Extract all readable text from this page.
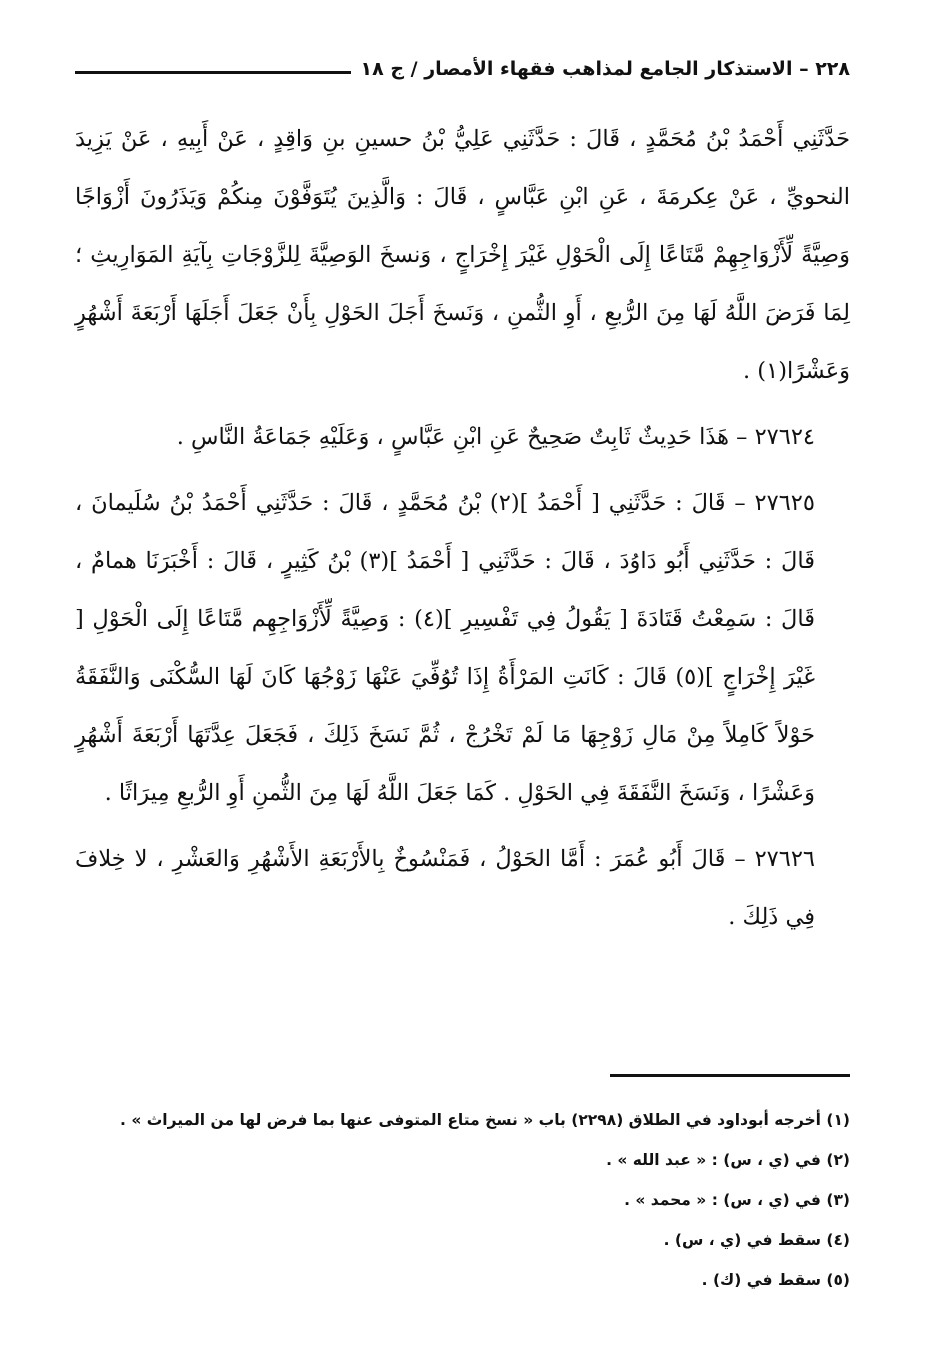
٢٢٨ – الاستذكار الجامع لمذاهب فقهاء الأمصار / ج ١٨

حَدَّثَنِي أَحْمَدُ بْنُ مُحَمَّدٍ ، قَالَ : حَدَّثَنِي عَلِيُّ بْنُ حسينِ بنِ وَاقِدٍ ، عَنْ أَبِيهِ ، عَنْ يَزِيدَ النحويِّ ، عَنْ عِكرمَةَ ، عَنِ ابْنِ عَبَّاسٍ ، قَالَ : وَالَّذِينَ يُتَوَفَّوْنَ مِنكُمْ وَيَذَرُونَ أَزْوَاجًا وَصِيَّةً لِّأَزْوَاجِهِمْ مَّتَاعًا إِلَى الْحَوْلِ غَيْرَ إِخْرَاجٍ ، وَنسخَ الوَصِيَّةَ لِلزَّوْجَاتِ بِآيَةِ المَوَارِيثِ ؛ لِمَا فَرَضَ اللَّهُ لَهَا مِنَ الرُّبعِ ، أَوِ الثُّمنِ ، وَنَسخَ أَجَلَ الحَوْلِ بِأَنْ جَعَلَ أَجَلَهَا أَرْبَعَةَ أَشْهُرٍ وَعَشْرًا(١) .

٢٧٦٢٤ – هَذَا حَدِيثٌ ثَابِتٌ صَحِيحٌ عَنِ ابْنِ عَبَّاسٍ ، وَعَلَيْهِ جَمَاعَةُ النَّاسِ .

٢٧٦٢٥ – قَالَ : حَدَّثَنِي [ أَحْمَدُ ](٢) بْنُ مُحَمَّدٍ ، قَالَ : حَدَّثَنِي أَحْمَدُ بْنُ سُلَيمانَ ، قَالَ : حَدَّثَنِي أَبُو دَاوُدَ ، قَالَ : حَدَّثَنِي [ أَحْمَدُ ](٣) بْنُ كَثِيرٍ ، قَالَ : أَخْبَرَنَا همامٌ ، قَالَ : سَمِعْتُ قَتَادَةَ [ يَقُولُ فِي تَفْسِيرِ ](٤) : وَصِيَّةً لِّأَزْوَاجِهِم مَّتَاعًا إِلَى الْحَوْلِ [ غَيْرَ إِخْرَاجٍ ](٥) قَالَ : كَانَتِ المَرْأَةُ إِذَا تُوُفِّيَ عَنْهَا زَوْجُهَا كَانَ لَهَا السُّكْنَى وَالنَّفَقَةُ حَوْلاً كَامِلاً مِنْ مَالِ زَوْجِهَا مَا لَمْ تَخْرُجْ ، ثُمَّ نَسَخَ ذَلِكَ ، فَجَعَلَ عِدَّتَهَا أَرْبَعَةَ أَشْهُرٍ وَعَشْرًا ، وَنَسَخَ النَّفَقَةَ فِي الحَوْلِ . كَمَا جَعَلَ اللَّهُ لَهَا مِنَ الثُّمنِ أَوِ الرُّبعِ مِيرَاثًا .

٢٧٦٢٦ – قَالَ أَبُو عُمَرَ : أَمَّا الحَوْلُ ، فَمَنْسُوخٌ بِالأَرْبَعَةِ الأَشْهُرِ وَالعَشْرِ ، لا خِلافَ فِي ذَلِكَ .

(١) أخرجه أبوداود في الطلاق (٢٢٩٨) باب « نسخ متاع المتوفى عنها بما فرض لها من الميراث » .
(٢) في (ي ، س) : « عبد الله » .
(٣) في (ي ، س) : « محمد » .
(٤) سقط في (ي ، س) .
(٥) سقط في (ك) .
